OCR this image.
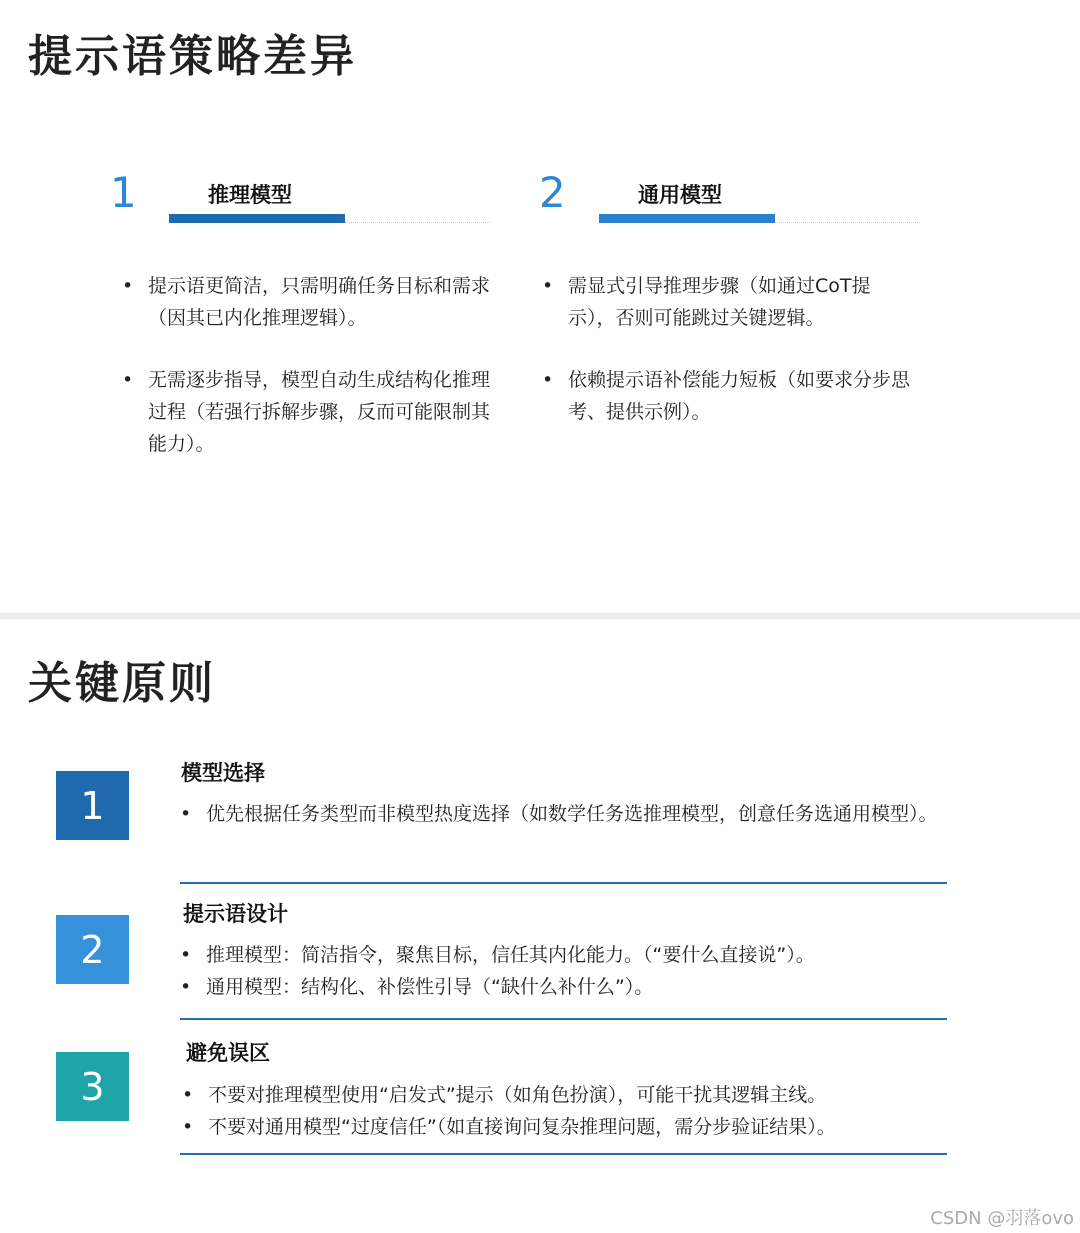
提示语策略差异
1	推理模型
• 提示语更简洁，只需明确任务目标和需求（因其已内化推理逻辑）。
• 无需逐步指导，模型自动生成结构化推理过程（若强行拆解步骤，反而可能限制其能力）。
2	通用模型
• 需显式引导推理步骤（如通过CoT提示），否则可能跳过关键逻辑。
• 依赖提示语补偿能力短板（如要求分步思考、提供示例）。
关键原则
1
模型选择
• 优先根据任务类型而非模型热度选择（如数学任务选推理模型，创意任务选通用模型）。
2
提示语设计
• 推理模型：简洁指令，聚焦目标，信任其内化能力。（“要什么直接说”）。
• 通用模型：结构化、补偿性引导（“缺什么补什么”）。
3
避免误区
• 不要对推理模型使用“启发式”提示（如角色扮演），可能干扰其逻辑主线。
• 不要对通用模型“过度信任”（如直接询问复杂推理问题，需分步验证结果）。
CSDN @羽落ovo
